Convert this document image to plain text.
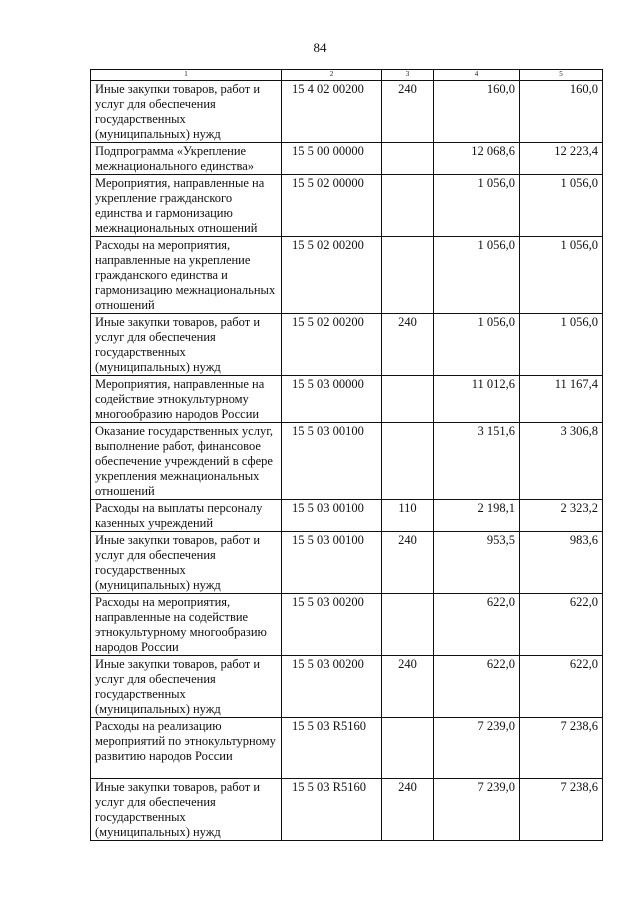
84
1	2	3	4	5
Иные закупки товаров, работ и услуг для обеспечения государственных (муниципальных) нужд	15 4 02 00200	240	160,0	160,0
Подпрограмма «Укрепление межнационального единства»	15 5 00 00000		12 068,6	12 223,4
Мероприятия, направленные на укрепление гражданского единства и гармонизацию межнациональных отношений	15 5 02 00000		1 056,0	1 056,0
Расходы на мероприятия, направленные на укрепление гражданского единства и гармонизацию межнациональных отношений	15 5 02 00200		1 056,0	1 056,0
Иные закупки товаров, работ и услуг для обеспечения государственных (муниципальных) нужд	15 5 02 00200	240	1 056,0	1 056,0
Мероприятия, направленные на содействие этнокультурному многообразию народов России	15 5 03 00000		11 012,6	11 167,4
Оказание государственных услуг, выполнение работ, финансовое обеспечение учреждений в сфере укрепления межнациональных отношений	15 5 03 00100		3 151,6	3 306,8
Расходы на выплаты персоналу казенных учреждений	15 5 03 00100	110	2 198,1	2 323,2
Иные закупки товаров, работ и услуг для обеспечения государственных (муниципальных) нужд	15 5 03 00100	240	953,5	983,6
Расходы на мероприятия, направленные на содействие этнокультурному многообразию народов России	15 5 03 00200		622,0	622,0
Иные закупки товаров, работ и услуг для обеспечения государственных (муниципальных) нужд	15 5 03 00200	240	622,0	622,0
Расходы на реализацию мероприятий по этнокультурному развитию народов России	15 5 03 R5160		7 239,0	7 238,6
Иные закупки товаров, работ и услуг для обеспечения государственных (муниципальных) нужд	15 5 03 R5160	240	7 239,0	7 238,6
